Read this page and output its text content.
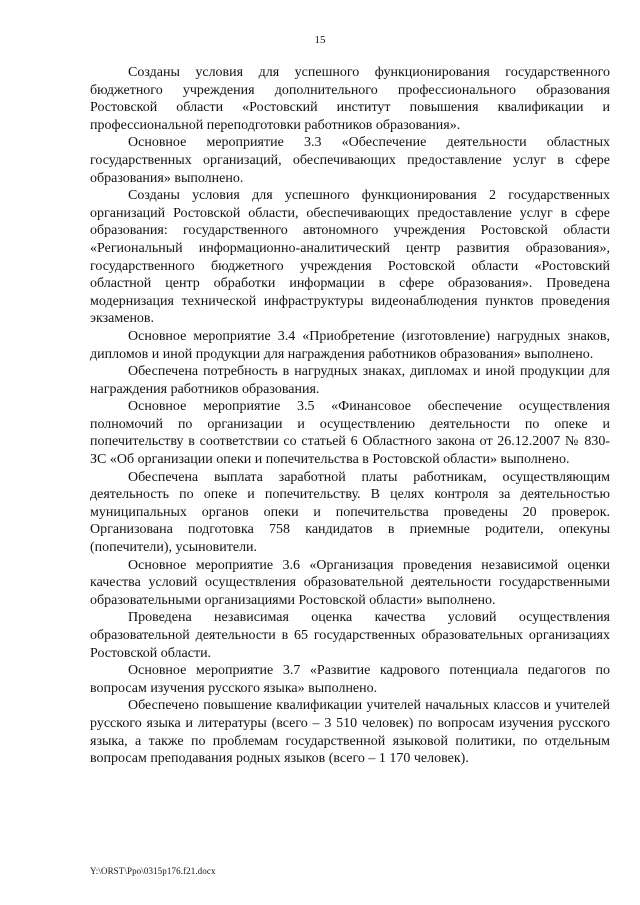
15

Созданы условия для успешного функционирования государственного бюджетного учреждения дополнительного профессионального образования Ростовской области «Ростовский институт повышения квалификации и профессиональной переподготовки работников образования».

Основное мероприятие 3.3 «Обеспечение деятельности областных государственных организаций, обеспечивающих предоставление услуг в сфере образования» выполнено.

Созданы условия для успешного функционирования 2 государственных организаций Ростовской области, обеспечивающих предоставление услуг в сфере образования: государственного автономного учреждения Ростовской области «Региональный информационно-аналитический центр развития образования», государственного бюджетного учреждения Ростовской области «Ростовский областной центр обработки информации в сфере образования». Проведена модернизация технической инфраструктуры видеонаблюдения пунктов проведения экзаменов.

Основное мероприятие 3.4 «Приобретение (изготовление) нагрудных знаков, дипломов и иной продукции для награждения работников образования» выполнено.

Обеспечена потребность в нагрудных знаках, дипломах и иной продукции для награждения работников образования.

Основное мероприятие 3.5 «Финансовое обеспечение осуществления полномочий по организации и осуществлению деятельности по опеке и попечительству в соответствии со статьей 6 Областного закона от 26.12.2007 № 830-ЗС «Об организации опеки и попечительства в Ростовской области» выполнено.

Обеспечена выплата заработной платы работникам, осуществляющим деятельность по опеке и попечительству. В целях контроля за деятельностью муниципальных органов опеки и попечительства проведены 20 проверок. Организована подготовка 758 кандидатов в приемные родители, опекуны (попечители), усыновители.

Основное мероприятие 3.6 «Организация проведения независимой оценки качества условий осуществления образовательной деятельности государственными образовательными организациями Ростовской области» выполнено.

Проведена независимая оценка качества условий осуществления образовательной деятельности в 65 государственных образовательных организациях Ростовской области.

Основное мероприятие 3.7 «Развитие кадрового потенциала педагогов по вопросам изучения русского языка» выполнено.

Обеспечено повышение квалификации учителей начальных классов и учителей русского языка и литературы (всего – 3 510 человек) по вопросам изучения русского языка, а также по проблемам государственной языковой политики, по отдельным вопросам преподавания родных языков (всего – 1 170 человек).

Y:\ORST\Ppo\0315p176.f21.docx
